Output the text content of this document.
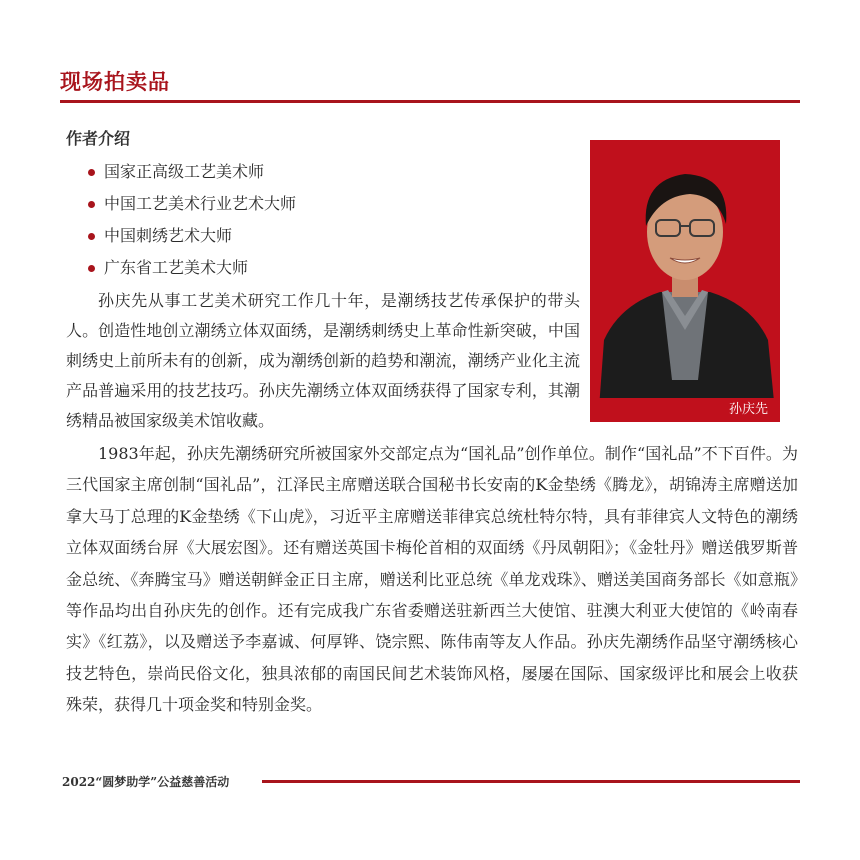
现场拍卖品
作者介绍
国家正高级工艺美术师
中国工艺美术行业艺术大师
中国刺绣艺术大师
广东省工艺美术大师

孙庆先从事工艺美术研究工作几十年，是潮绣技艺传承保护的带头人。创造性地创立潮绣立体双面绣，是潮绣刺绣史上革命性新突破，中国刺绣史上前所未有的创新，成为潮绣创新的趋势和潮流，潮绣产业化主流产品普遍采用的技艺技巧。孙庆先潮绣立体双面绣获得了国家专利，其潮绣精品被国家级美术馆收藏。

孙庆先

1983年起，孙庆先潮绣研究所被国家外交部定点为“国礼品”创作单位。制作“国礼品”不下百件。为三代国家主席创制“国礼品”，江泽民主席赠送联合国秘书长安南的K金垫绣《腾龙》，胡锦涛主席赠送加拿大马丁总理的K金垫绣《下山虎》，习近平主席赠送菲律宾总统杜特尔特，具有菲律宾人文特色的潮绣立体双面绣台屏《大展宏图》。还有赠送英国卡梅伦首相的双面绣《丹凤朝阳》；《金牡丹》赠送俄罗斯普金总统、《奔腾宝马》赠送朝鲜金正日主席，赠送利比亚总统《单龙戏珠》、赠送美国商务部长《如意瓶》等作品均出自孙庆先的创作。还有完成我广东省委赠送驻新西兰大使馆、驻澳大利亚大使馆的《岭南春实》《红荔》，以及赠送予李嘉诚、何厚铧、饶宗熙、陈伟南等友人作品。孙庆先潮绣作品坚守潮绣核心技艺特色，崇尚民俗文化，独具浓郁的南国民间艺术装饰风格，屡屡在国际、国家级评比和展会上收获殊荣，获得几十项金奖和特别金奖。

2022“圆梦助学”公益慈善活动
